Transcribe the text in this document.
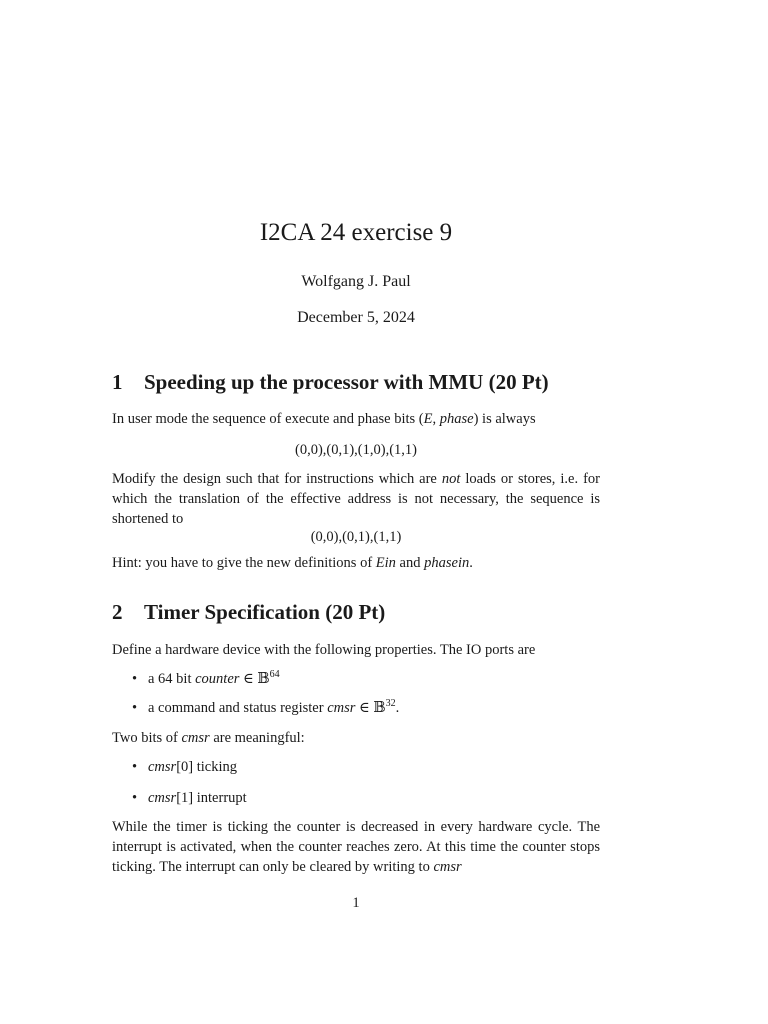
I2CA 24 exercise 9
Wolfgang J. Paul
December 5, 2024
1 Speeding up the processor with MMU (20 Pt)
In user mode the sequence of execute and phase bits (E, phase) is always
(0,0),(0,1),(1,0),(1,1)
Modify the design such that for instructions which are not loads or stores, i.e. for which the translation of the effective address is not necessary, the sequence is shortened to
(0,0),(0,1),(1,1)
Hint: you have to give the new definitions of Ein and phasein.
2 Timer Specification (20 Pt)
Define a hardware device with the following properties. The IO ports are
• a 64 bit counter ∈ 𝔹$^{64}$
• a command and status register cmsr ∈ 𝔹$^{32}$.
Two bits of cmsr are meaningful:
• cmsr[0] ticking
• cmsr[1] interrupt
While the timer is ticking the counter is decreased in every hardware cycle. The interrupt is activated, when the counter reaches zero. At this time the counter stops ticking. The interrupt can only be cleared by writing to cmsr
1
